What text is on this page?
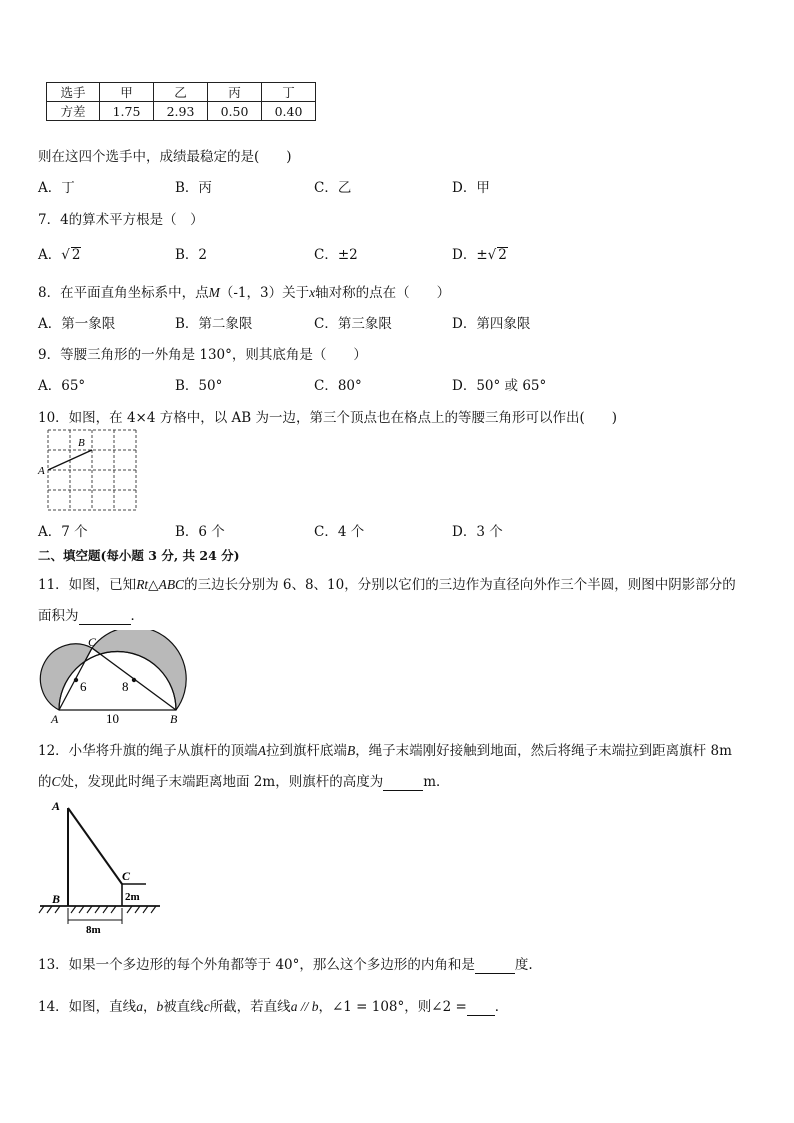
选手	甲	乙	丙	丁
方差	1.75	2.93	0.50	0.40
则在这四个选手中，成绩最稳定的是(　　)
A．丁	B．丙	C．乙	D．甲
7．4的算术平方根是（　）
A．√ 2	B．2	C．±2	D．±√ 2
8．在平面直角坐标系中，点M（-1，3）关于x轴对称的点在（　　）
A．第一象限	B．第二象限	C．第三象限	D．第四象限
9．等腰三角形的一外角是 130°，则其底角是（　　）
A．65°	B．50°	C．80°	D．50° 或 65°
10．如图，在 4×4 方格中，以 AB 为一边，第三个顶点也在格点上的等腰三角形可以作出(　　)
A
B
A．7 个	B．6 个	C．4 个	D．3 个
二、填空题(每小题 3 分, 共 24 分)
11．如图，已知Rt△ABC的三边长分别为 6、8、10，分别以它们的三边作为直径向外作三个半圆，则图中阴影部分的
面积为	．
C
A	B
6	8
10
12．小华将升旗的绳子从旗杆的顶端A拉到旗杆底端B，绳子末端刚好接触到地面，然后将绳子末端拉到距离旗杆 8m
的C处，发现此时绳子末端距离地面 2m，则旗杆的高度为	m．
A
B
C
2m
8m
13．如果一个多边形的每个外角都等于 40°，那么这个多边形的内角和是	度.
14．如图，直线a，b被直线c所截，若直线a // b，∠1 = 108°，则∠2 = ．
